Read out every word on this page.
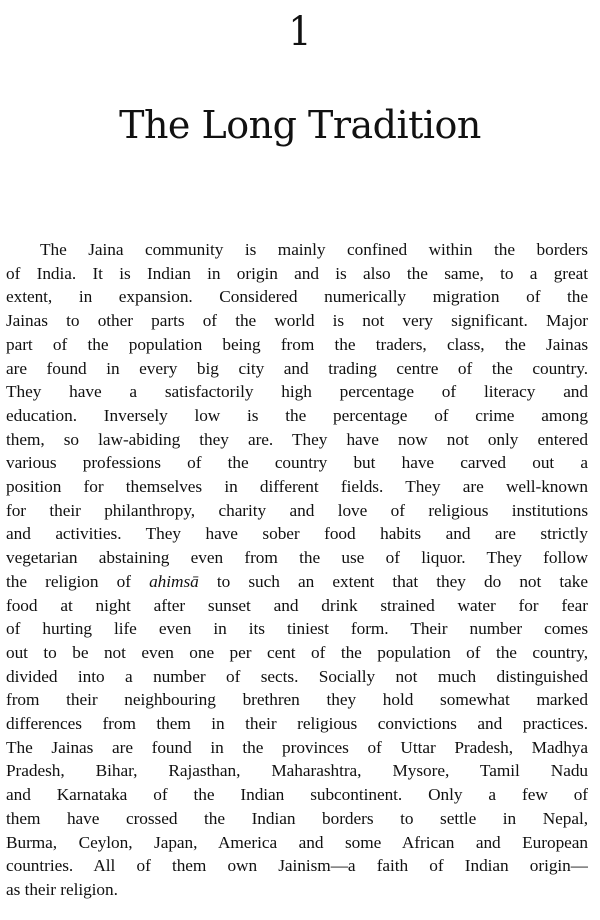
1
The Long Tradition
The Jaina community is mainly confined within the borders
of India. It is Indian in origin and is also the same, to a great
extent, in expansion. Considered numerically migration of the
Jainas to other parts of the world is not very significant. Major
part of the population being from the traders, class, the Jainas
are found in every big city and trading centre of the country.
They have a satisfactorily high percentage of literacy and
education. Inversely low is the percentage of crime among
them, so law-abiding they are. They have now not only entered
various professions of the country but have carved out a
position for themselves in different fields. They are well-known
for their philanthropy, charity and love of religious institutions
and activities. They have sober food habits and are strictly
vegetarian abstaining even from the use of liquor. They follow
the religion of ahimsā to such an extent that they do not take
food at night after sunset and drink strained water for fear
of hurting life even in its tiniest form. Their number comes
out to be not even one per cent of the population of the country,
divided into a number of sects. Socially not much distinguished
from their neighbouring brethren they hold somewhat marked
differences from them in their religious convictions and practices.
The Jainas are found in the provinces of Uttar Pradesh, Madhya
Pradesh, Bihar, Rajasthan, Maharashtra, Mysore, Tamil Nadu
and Karnataka of the Indian subcontinent. Only a few of
them have crossed the Indian borders to settle in Nepal,
Burma, Ceylon, Japan, America and some African and European
countries. All of them own Jainism—a faith of Indian origin—
as their religion.
